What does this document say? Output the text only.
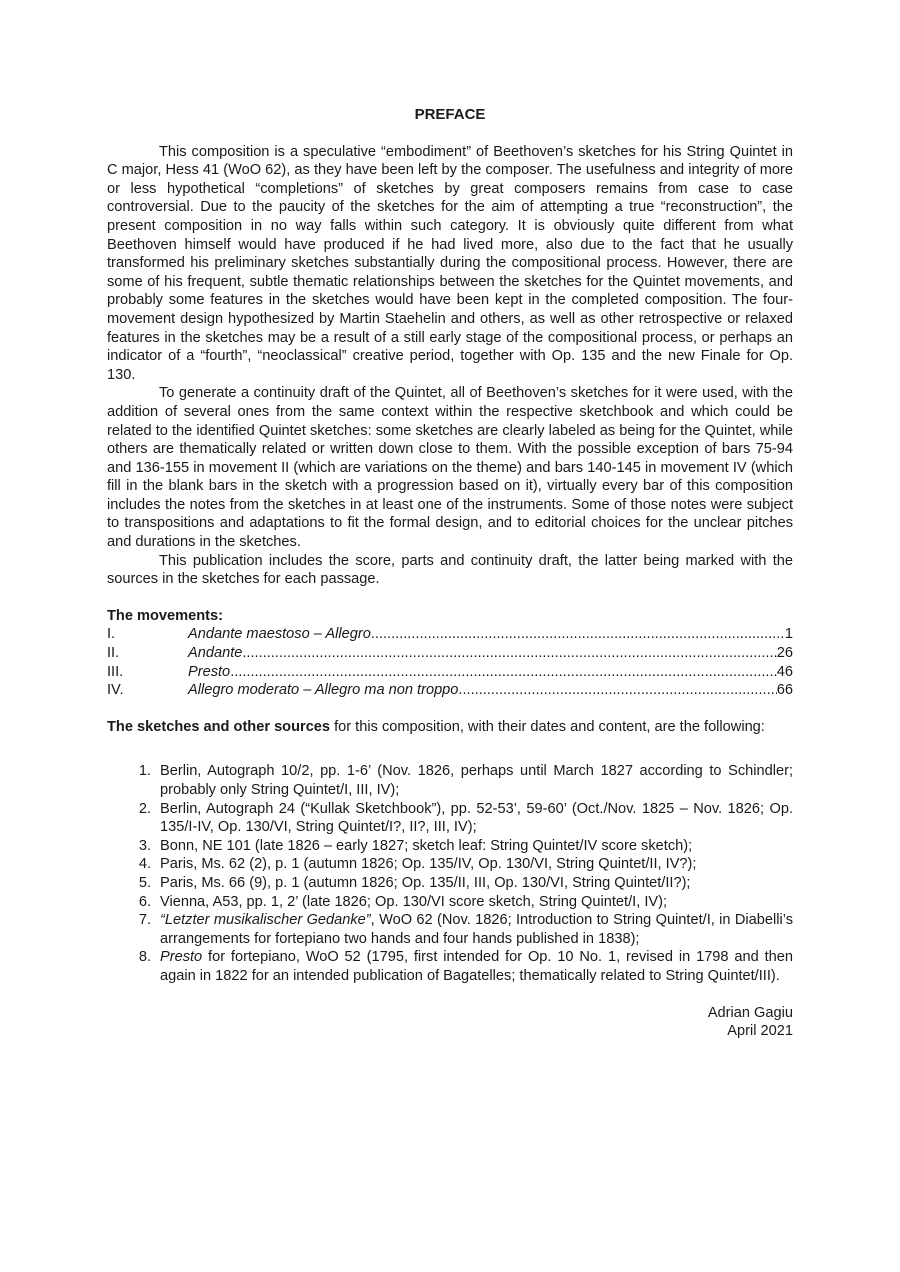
PREFACE

This composition is a speculative “embodiment” of Beethoven’s sketches for his String Quintet in C major, Hess 41 (WoO 62), as they have been left by the composer. The usefulness and integrity of more or less hypothetical “completions” of sketches by great composers remains from case to case controversial. Due to the paucity of the sketches for the aim of attempting a true “reconstruction”, the present composition in no way falls within such category. It is obviously quite different from what Beethoven himself would have produced if he had lived more, also due to the fact that he usually transformed his preliminary sketches substantially during the compositional process. However, there are some of his frequent, subtle thematic relationships between the sketches for the Quintet movements, and probably some features in the sketches would have been kept in the completed composition. The four-movement design hypothesized by Martin Staehelin and others, as well as other retrospective or relaxed features in the sketches may be a result of a still early stage of the compositional process, or perhaps an indicator of a “fourth”, “neoclassical” creative period, together with Op. 135 and the new Finale for Op. 130.

To generate a continuity draft of the Quintet, all of Beethoven’s sketches for it were used, with the addition of several ones from the same context within the respective sketchbook and which could be related to the identified Quintet sketches: some sketches are clearly labeled as being for the Quintet, while others are thematically related or written down close to them. With the possible exception of bars 75-94 and 136-155 in movement II (which are variations on the theme) and bars 140-145 in movement IV (which fill in the blank bars in the sketch with a progression based on it), virtually every bar of this composition includes the notes from the sketches in at least one of the instruments. Some of those notes were subject to transpositions and adaptations to fit the formal design, and to editorial choices for the unclear pitches and durations in the sketches.

This publication includes the score, parts and continuity draft, the latter being marked with the sources in the sketches for each passage.

The movements:
I.	Andante maestoso – Allegro .....	1
II.	Andante .....	26
III.	Presto .....	46
IV.	Allegro moderato – Allegro ma non troppo .....	66
The sketches and other sources for this composition, with their dates and content, are the following:
1. Berlin, Autograph 10/2, pp. 1-6’ (Nov. 1826, perhaps until March 1827 according to Schindler; probably only String Quintet/I, III, IV);
2. Berlin, Autograph 24 (“Kullak Sketchbook”), pp. 52-53’, 59-60’ (Oct./Nov. 1825 – Nov. 1826; Op. 135/I-IV, Op. 130/VI, String Quintet/I?, II?, III, IV);
3. Bonn, NE 101 (late 1826 – early 1827; sketch leaf: String Quintet/IV score sketch);
4. Paris, Ms. 62 (2), p. 1 (autumn 1826; Op. 135/IV, Op. 130/VI, String Quintet/II, IV?);
5. Paris, Ms. 66 (9), p. 1 (autumn 1826; Op. 135/II, III, Op. 130/VI, String Quintet/II?);
6. Vienna, A53, pp. 1, 2’ (late 1826; Op. 130/VI score sketch, String Quintet/I, IV);
7. “Letzter musikalischer Gedanke”, WoO 62 (Nov. 1826; Introduction to String Quintet/I, in Diabelli’s arrangements for fortepiano two hands and four hands published in 1838);
8. Presto for fortepiano, WoO 52 (1795, first intended for Op. 10 No. 1, revised in 1798 and then again in 1822 for an intended publication of Bagatelles; thematically related to String Quintet/III).
Adrian Gagiu
April 2021
